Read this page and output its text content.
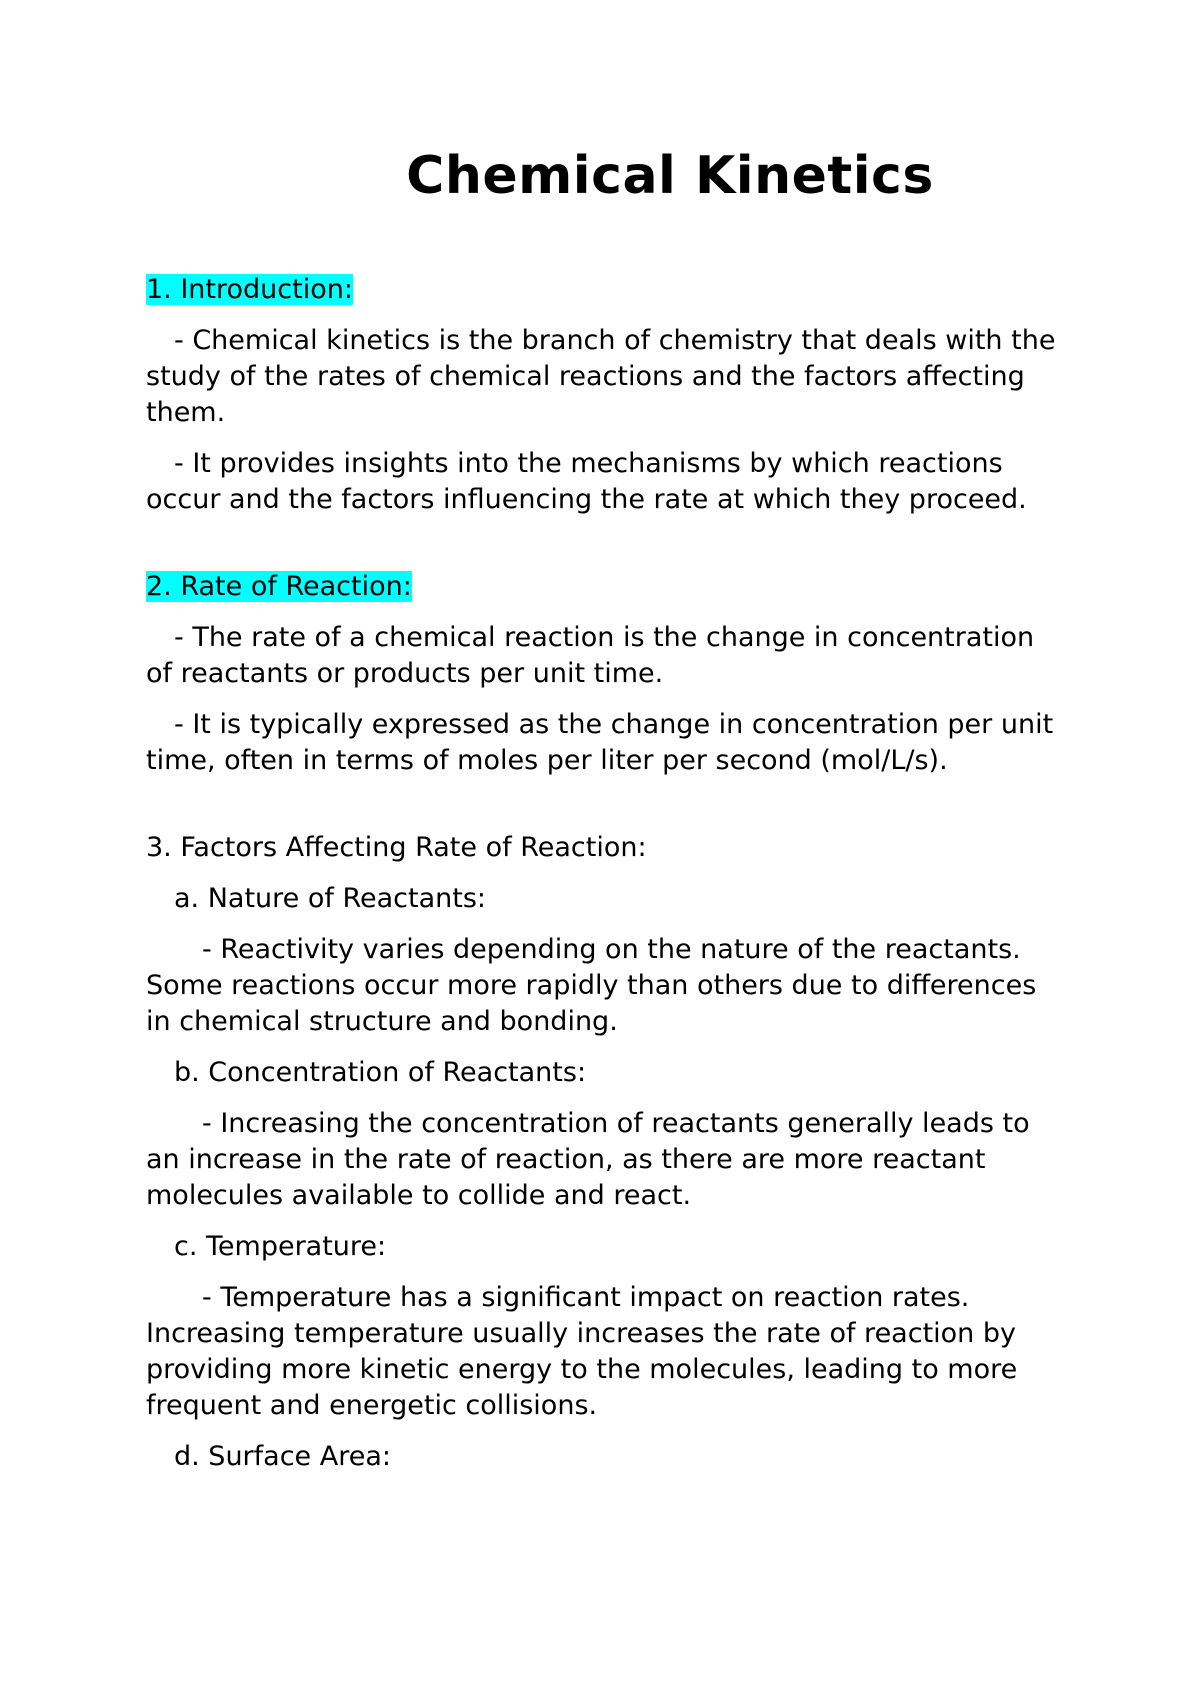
Chemical Kinetics

1. Introduction:

- Chemical kinetics is the branch of chemistry that deals with the study of the rates of chemical reactions and the factors affecting them.

- It provides insights into the mechanisms by which reactions occur and the factors influencing the rate at which they proceed.

2. Rate of Reaction:

- The rate of a chemical reaction is the change in concentration of reactants or products per unit time.

- It is typically expressed as the change in concentration per unit time, often in terms of moles per liter per second (mol/L/s).

3. Factors Affecting Rate of Reaction:

a. Nature of Reactants:

- Reactivity varies depending on the nature of the reactants. Some reactions occur more rapidly than others due to differences in chemical structure and bonding.

b. Concentration of Reactants:

- Increasing the concentration of reactants generally leads to an increase in the rate of reaction, as there are more reactant molecules available to collide and react.

c. Temperature:

- Temperature has a significant impact on reaction rates. Increasing temperature usually increases the rate of reaction by providing more kinetic energy to the molecules, leading to more frequent and energetic collisions.

d. Surface Area:
